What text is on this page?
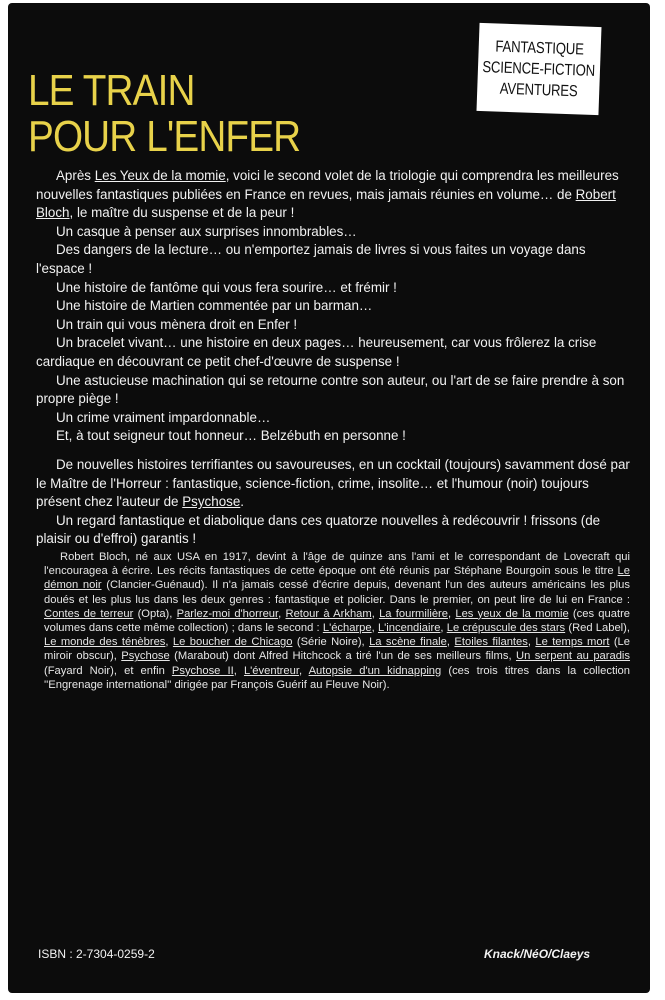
FANTASTIQUE
SCIENCE-FICTION
AVENTURES
LE TRAIN
POUR L'ENFER

Après Les Yeux de la momie, voici le second volet de la triologie qui comprendra les meilleures nouvelles fantastiques publiées en France en revues, mais jamais réunies en volume… de Robert Bloch, le maître du suspense et de la peur !

Un casque à penser aux surprises innombrables…

Des dangers de la lecture… ou n'emportez jamais de livres si vous faites un voyage dans l'espace !

Une histoire de fantôme qui vous fera sourire… et frémir !

Une histoire de Martien commentée par un barman…

Un train qui vous mènera droit en Enfer !

Un bracelet vivant… une histoire en deux pages… heureusement, car vous frôlerez la crise cardiaque en découvrant ce petit chef-d'œuvre de suspense !

Une astucieuse machination qui se retourne contre son auteur, ou l'art de se faire prendre à son propre piège !

Un crime vraiment impardonnable…

Et, à tout seigneur tout honneur… Belzébuth en personne !

De nouvelles histoires terrifiantes ou savoureuses, en un cocktail (toujours) savamment dosé par le Maître de l'Horreur : fantastique, science-fiction, crime, insolite… et l'humour (noir) toujours présent chez l'auteur de Psychose.

Un regard fantastique et diabolique dans ces quatorze nouvelles à redécouvrir ! frissons (de plaisir ou d'effroi) garantis !

Robert Bloch, né aux USA en 1917, devint à l'âge de quinze ans l'ami et le correspondant de Lovecraft qui l'encouragea à écrire. Les récits fantastiques de cette époque ont été réunis par Stéphane Bourgoin sous le titre Le démon noir (Clancier-Guénaud). Il n'a jamais cessé d'écrire depuis, devenant l'un des auteurs américains les plus doués et les plus lus dans les deux genres : fantastique et policier. Dans le premier, on peut lire de lui en France : Contes de terreur (Opta), Parlez-moi d'horreur, Retour à Arkham, La fourmilière, Les yeux de la momie (ces quatre volumes dans cette même collection) ; dans le second : L'écharpe, L'incendiaire, Le crépuscule des stars (Red Label), Le monde des ténèbres, Le boucher de Chicago (Série Noire), La scène finale, Etoiles filantes, Le temps mort (Le miroir obscur), Psychose (Marabout) dont Alfred Hitchcock a tiré l'un de ses meilleurs films, Un serpent au paradis (Fayard Noir), et enfin Psychose II, L'éventreur, Autopsie d'un kidnapping (ces trois titres dans la collection ''Engrenage international'' dirigée par François Guérif au Fleuve Noir).

ISBN : 2-7304-0259-2	Knack/NéO/Claeys
